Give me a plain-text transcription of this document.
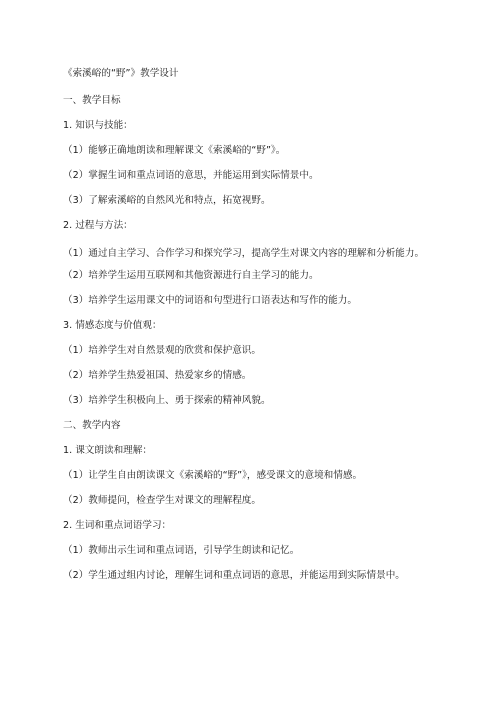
《索溪峪的“野”》教学设计

一、教学目标

1. 知识与技能：

（1）能够正确地朗读和理解课文《索溪峪的“野”》。

（2）掌握生词和重点词语的意思，并能运用到实际情景中。

（3）了解索溪峪的自然风光和特点，拓宽视野。

2. 过程与方法：

（1）通过自主学习、合作学习和探究学习，提高学生对课文内容的理解和分析能力。

（2）培养学生运用互联网和其他资源进行自主学习的能力。

（3）培养学生运用课文中的词语和句型进行口语表达和写作的能力。

3. 情感态度与价值观：

（1）培养学生对自然景观的欣赏和保护意识。

（2）培养学生热爱祖国、热爱家乡的情感。

（3）培养学生积极向上、勇于探索的精神风貌。

二、教学内容

1. 课文朗读和理解：

（1）让学生自由朗读课文《索溪峪的“野”》，感受课文的意境和情感。

（2）教师提问，检查学生对课文的理解程度。

2. 生词和重点词语学习：

（1）教师出示生词和重点词语，引导学生朗读和记忆。

（2）学生通过组内讨论，理解生词和重点词语的意思，并能运用到实际情景中。
